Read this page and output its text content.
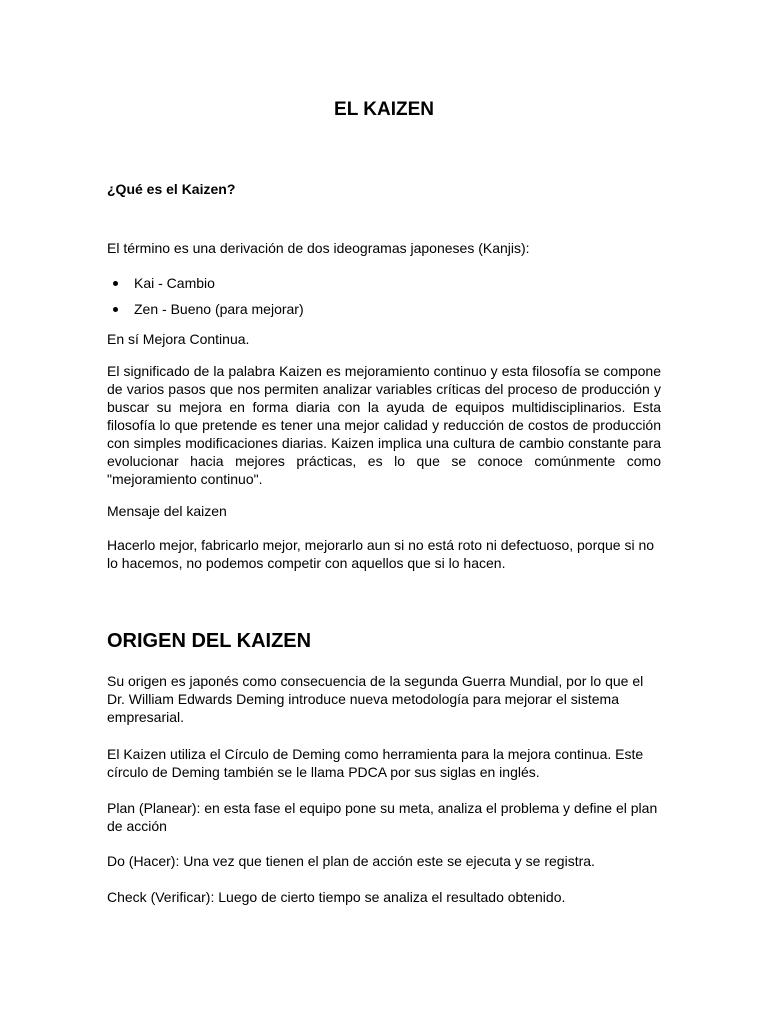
EL KAIZEN
¿Qué es el Kaizen?

El término es una derivación de dos ideogramas japoneses (Kanjis):

Kai - Cambio
Zen - Bueno (para mejorar)

En sí Mejora Continua.

El significado de la palabra Kaizen es mejoramiento continuo y esta filosofía se compone de varios pasos que nos permiten analizar variables críticas del proceso de producción y buscar su mejora en forma diaria con la ayuda de equipos multidisciplinarios. Esta filosofía lo que pretende es tener una mejor calidad y reducción de costos de producción con simples modificaciones diarias. Kaizen implica una cultura de cambio constante para evolucionar hacia mejores prácticas, es lo que se conoce comúnmente como "mejoramiento continuo".

Mensaje del kaizen

Hacerlo mejor, fabricarlo mejor, mejorarlo aun si no está roto ni defectuoso, porque si no lo hacemos, no podemos competir con aquellos que si lo hacen.

ORIGEN DEL KAIZEN

Su origen es japonés como consecuencia de la segunda Guerra Mundial, por lo que el Dr. William Edwards Deming introduce nueva metodología para mejorar el sistema empresarial.

El Kaizen utiliza el Círculo de Deming como herramienta para la mejora continua. Este círculo de Deming también se le llama PDCA por sus siglas en inglés.

Plan (Planear): en esta fase el equipo pone su meta, analiza el problema y define el plan de acción

Do (Hacer): Una vez que tienen el plan de acción este se ejecuta y se registra.

Check (Verificar): Luego de cierto tiempo se analiza el resultado obtenido.
